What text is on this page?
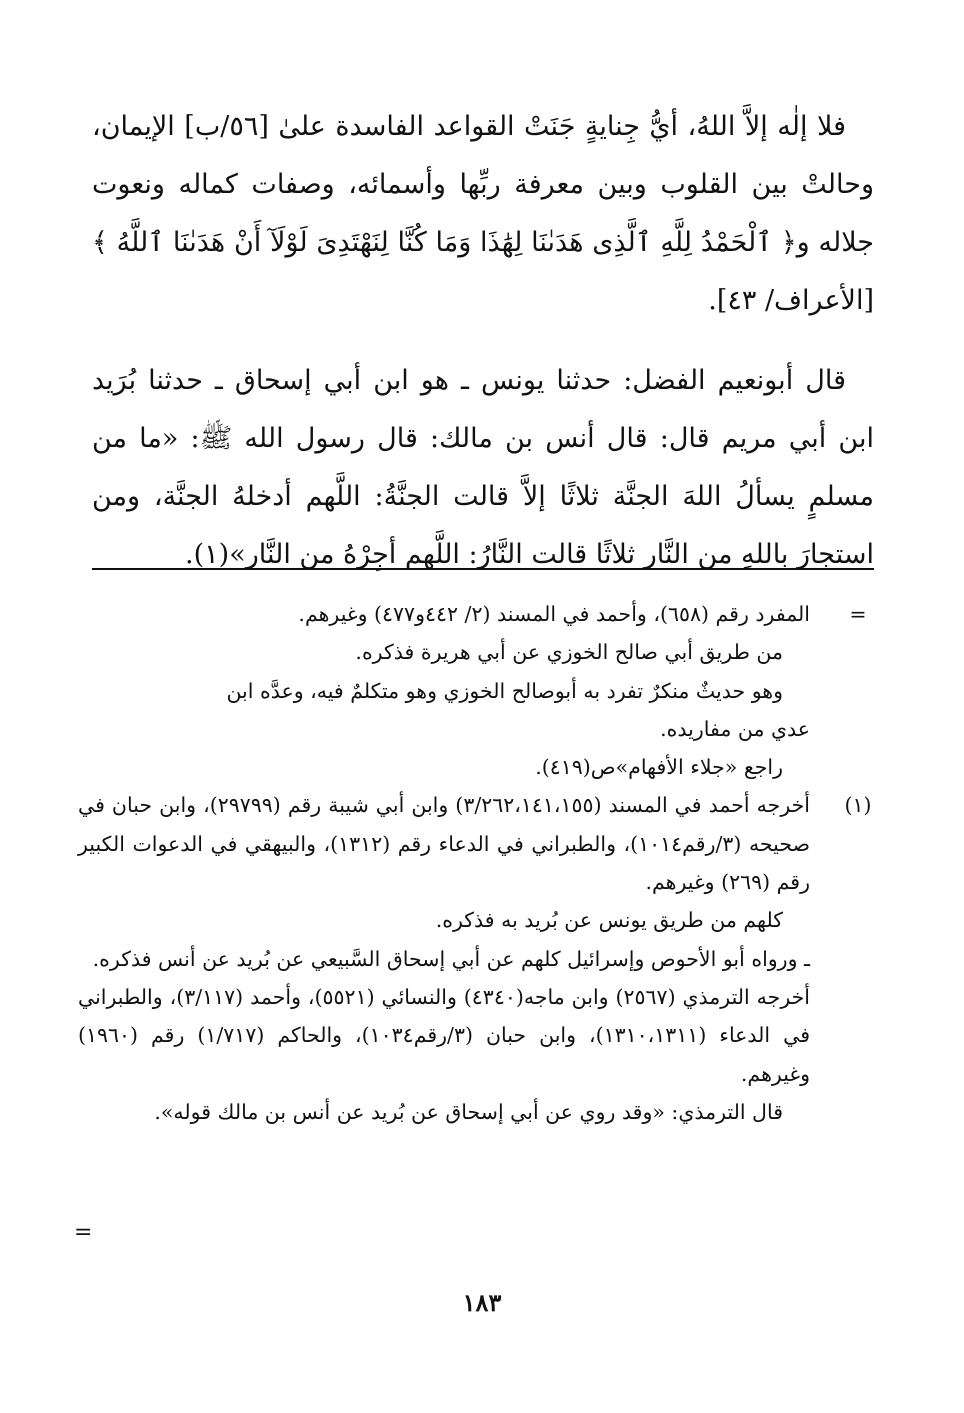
فلا إلٰه إلاَّ اللهُ، أيُّ جِنايةٍ جَنَتْ القواعد الفاسدة علىٰ [٥٦/ب] الإيمان، وحالتْ بين القلوب وبين معرفة ربِّها وأسمائه، وصفات كماله ونعوت جلاله و﴿ ٱلْحَمْدُ لِلَّهِ ٱلَّذِى هَدَىٰنَا لِهَٰذَا وَمَا كُنَّا لِنَهْتَدِىَ لَوْلَآ أَنْ هَدَىٰنَا ٱللَّهُ ﴾ [الأعراف/ ٤٣].

قال أبونعيم الفضل: حدثنا يونس ـ هو ابن أبي إسحاق ـ حدثنا بُرَيد ابن أبي مريم قال: قال أنس بن مالك: قال رسول الله ﷺ: «ما من مسلمٍ يسألُ اللهَ الجنَّة ثلاثًا إلاَّ قالت الجنَّةُ: اللَّهم أدخلهُ الجنَّة، ومن استجارَ باللهِ من النَّار ثلاثًا قالت النَّارُ: اللَّهم أجِرْهُ من النَّار»(١).

=
المفرد رقم (٦٥٨)، وأحمد في المسند (٢/ ٤٤٢و٤٧٧) وغيرهم.
من طريق أبي صالح الخوزي عن أبي هريرة فذكره.
وهو حديثٌ منكرٌ تفرد به أبوصالح الخوزي وهو متكلمٌ فيه، وعدَّه ابن
عدي من مفاريده.
راجع «جلاء الأفهام»ص(٤١٩).
(١)
أخرجه أحمد في المسند (٣/٢٦٢،١٤١،١٥٥) وابن أبي شيبة رقم (٢٩٧٩٩)، وابن حبان في صحيحه (٣/رقم١٠١٤)، والطبراني في الدعاء رقم (١٣١٢)، والبيهقي في الدعوات الكبير رقم (٢٦٩) وغيرهم.
كلهم من طريق يونس عن بُريد به فذكره.
ـ ورواه أبو الأحوص وإسرائيل كلهم عن أبي إسحاق السَّبيعي عن بُريد عن أنس فذكره.
أخرجه الترمذي (٢٥٦٧) وابن ماجه(٤٣٤٠) والنسائي (٥٥٢١)، وأحمد (٣/١١٧)، والطبراني في الدعاء (١٣١٠،١٣١١)، وابن حبان (٣/رقم١٠٣٤)، والحاكم (١/٧١٧) رقم (١٩٦٠) وغيرهم.
قال الترمذي: «وقد روي عن أبي إسحاق عن بُريد عن أنس بن مالك قوله».
=
١٨٣
